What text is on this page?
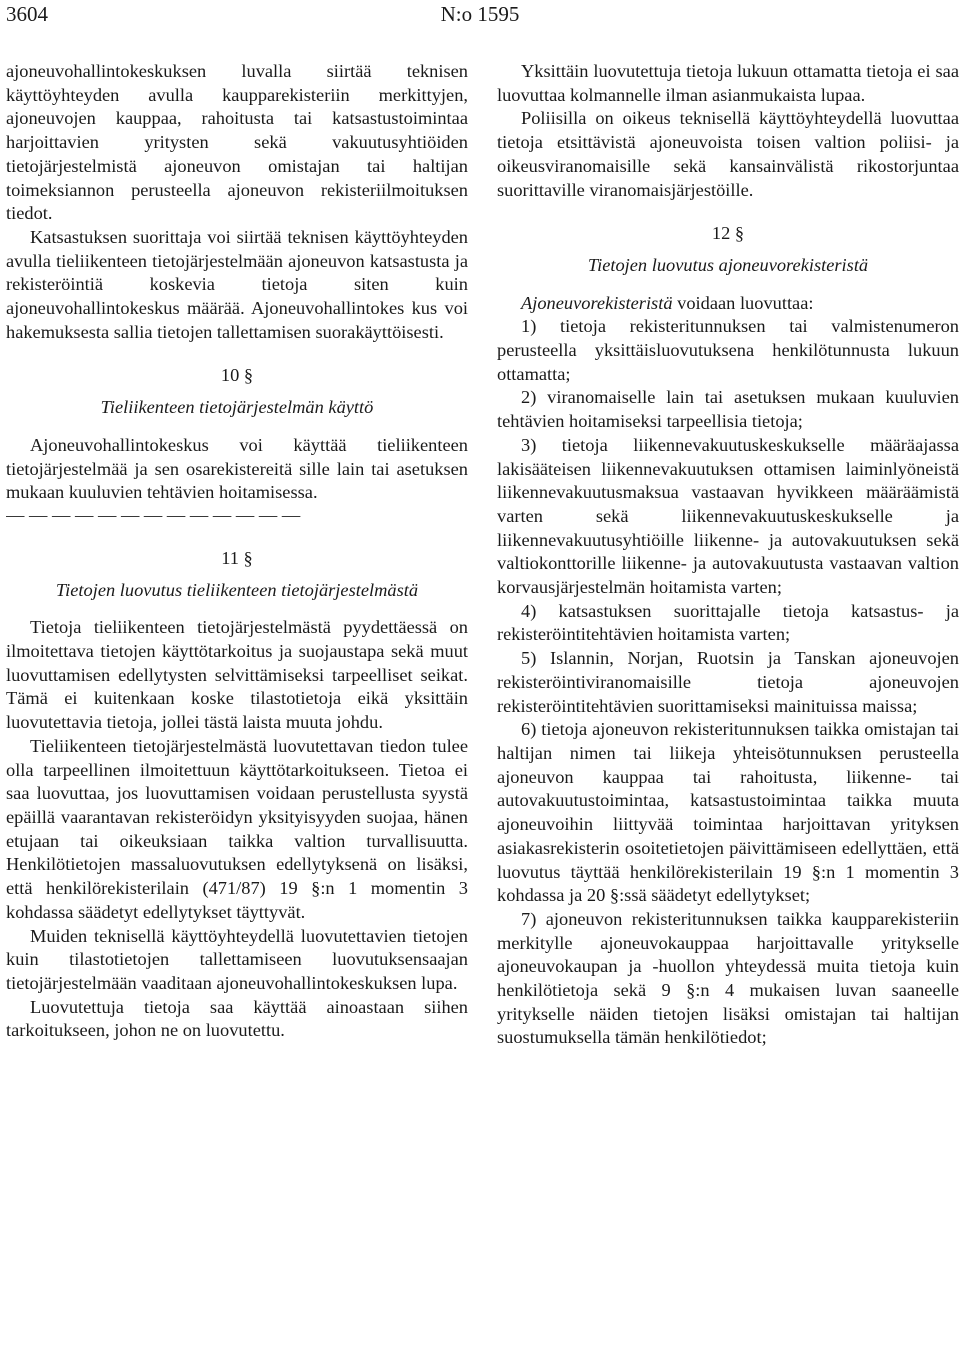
3604	N:o 1595

ajoneuvohallintokeskuksen luvalla siirtää teknisen käyttöyhteyden avulla kaupparekisteriin merkittyjen, ajoneuvojen kauppaa, rahoitusta tai katsastustoimintaa harjoittavien yritysten sekä vakuutusyhtiöiden tietojärjestelmistä ajoneuvon omistajan tai haltijan toimeksiannon perusteella ajoneuvon rekisteriilmoituksen tiedot.

Katsastuksen suorittaja voi siirtää teknisen käyttöyhteyden avulla tieliikenteen tietojärjestelmään ajoneuvon katsastusta ja rekisteröintiä koskevia tietoja siten kuin ajoneuvohallintokeskus määrää. Ajoneuvohallintokes kus voi hakemuksesta sallia tietojen tallettamisen suorakäyttöisesti.

10 §

Tieliikenteen tietojärjestelmän käyttö

Ajoneuvohallintokeskus voi käyttää tieliikenteen tietojärjestelmää ja sen osarekistereitä sille lain tai asetuksen mukaan kuuluvien tehtävien hoitamisessa.

— — — — — — — — — — — — —

11 §

Tietojen luovutus tieliikenteen tietojärjestelmästä

Tietoja tieliikenteen tietojärjestelmästä pyydettäessä on ilmoitettava tietojen käyttötarkoitus ja suojaustapa sekä muut luovuttamisen edellytysten selvittämiseksi tarpeelliset seikat. Tämä ei kuitenkaan koske tilastotietoja eikä yksittäin luovutettavia tietoja, jollei tästä laista muuta johdu.

Tieliikenteen tietojärjestelmästä luovutettavan tiedon tulee olla tarpeellinen ilmoitettuun käyttötarkoitukseen. Tietoa ei saa luovuttaa, jos luovuttamisen voidaan perustellusta syystä epäillä vaarantavan rekisteröidyn yksityisyyden suojaa, hänen etujaan tai oikeuksiaan taikka valtion turvallisuutta. Henkilötietojen massaluovutuksen edellytyksenä on lisäksi, että henkilörekisterilain (471/87) 19 §:n 1 momentin 3 kohdassa säädetyt edellytykset täyttyvät.

Muiden teknisellä käyttöyhteydellä luovutettavien tietojen kuin tilastotietojen tallettamiseen luovutuksensaajan tietojärjestelmään vaaditaan ajoneuvohallintokeskuksen lupa.

Luovutettuja tietoja saa käyttää ainoastaan siihen tarkoitukseen, johon ne on luovutettu.

Yksittäin luovutettuja tietoja lukuun ottamatta tietoja ei saa luovuttaa kolmannelle ilman asianmukaista lupaa.

Poliisilla on oikeus teknisellä käyttöyhteydellä luovuttaa tietoja etsittävistä ajoneuvoista toisen valtion poliisi- ja oikeusviranomaisille sekä kansainvälistä rikostorjuntaa suorittaville viranomaisjärjestöille.

12 §

Tietojen luovutus ajoneuvorekisteristä

Ajoneuvorekisteristä voidaan luovuttaa:

1) tietoja rekisteritunnuksen tai valmistenumeron perusteella yksittäisluovutuksena henkilötunnusta lukuun ottamatta;

2) viranomaiselle lain tai asetuksen mukaan kuuluvien tehtävien hoitamiseksi tarpeellisia tietoja;

3) tietoja liikennevakuutuskeskukselle määräajassa lakisääteisen liikennevakuutuksen ottamisen laiminlyöneistä liikennevakuutusmaksua vastaavan hyvikkeen määräämistä varten sekä liikennevakuutuskeskukselle ja liikennevakuutusyhtiöille liikenne- ja autovakuutuksen sekä valtiokonttorille liikenne- ja autovakuutusta vastaavan valtion korvausjärjestelmän hoitamista varten;

4) katsastuksen suorittajalle tietoja katsastus- ja rekisteröintitehtävien hoitamista varten;

5) Islannin, Norjan, Ruotsin ja Tanskan ajoneuvojen rekisteröintiviranomaisille tietoja ajoneuvojen rekisteröintitehtävien suorittamiseksi mainituissa maissa;

6) tietoja ajoneuvon rekisteritunnuksen taikka omistajan tai haltijan nimen tai liikeja yhteisötunnuksen perusteella ajoneuvon kauppaa tai rahoitusta, liikenne- tai autovakuutustoimintaa, katsastustoimintaa taikka muuta ajoneuvoihin liittyvää toimintaa harjoittavan yrityksen asiakasrekisterin osoitetietojen päivittämiseen edellyttäen, että luovutus täyttää henkilörekisterilain 19 §:n 1 momentin 3 kohdassa ja 20 §:ssä säädetyt edellytykset;

7) ajoneuvon rekisteritunnuksen taikka kaupparekisteriin merkitylle ajoneuvokauppaa harjoittavalle yritykselle ajoneuvokaupan ja -huollon yhteydessä muita tietoja kuin henkilötietoja sekä 9 §:n 4 mukaisen luvan saaneelle yritykselle näiden tietojen lisäksi omistajan tai haltijan suostumuksella tämän henkilötiedot;
